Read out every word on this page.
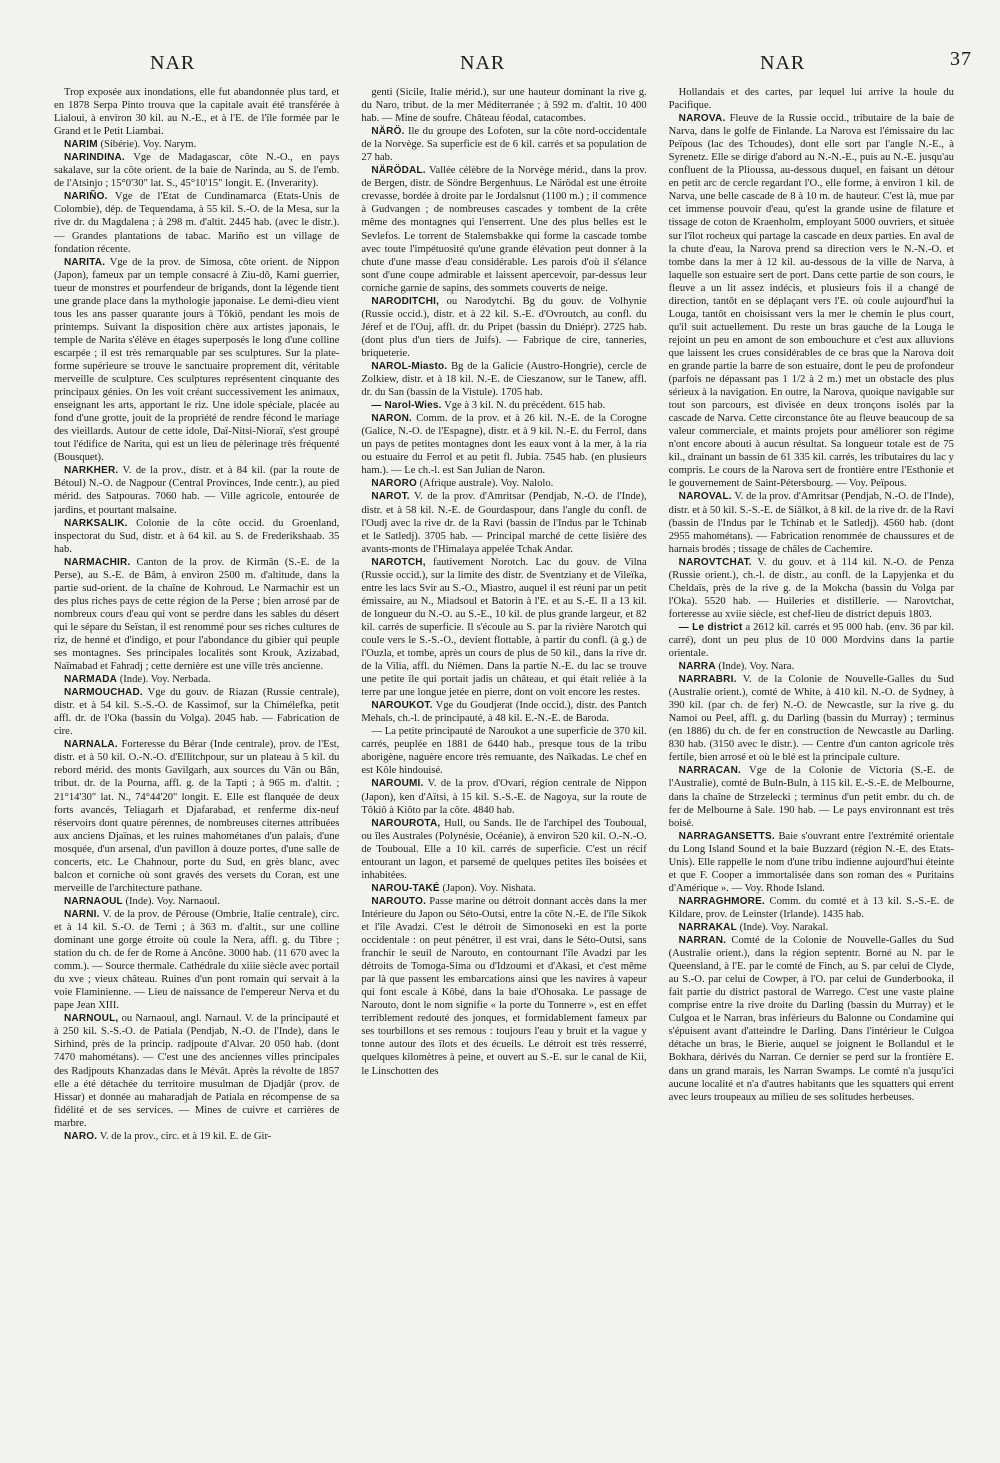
NAR	NAR	NAR	37

Trop exposée aux inondations, elle fut abandonnée plus tard, et en 1878 Serpa Pinto trouva que la capitale avait été transférée à Lialoui, à environ 30 kil. au N.-E., et à l'E. de l'île formée par le Grand et le Petit Liambai.

NARIM (Sibérie). Voy. Narym.

NARINDINA. Vge de Madagascar, côte N.-O., en pays sakalave, sur la côte orient. de la baie de Narinda, au S. de l'emb. de l'Atsinjo ; 15°0'30" lat. S., 45°10'15" longit. E. (Inverarity).

NARIÑO. Vge de l'Etat de Cundinamarca (Etats-Unis de Colombie), dép. de Tequendama, à 55 kil. S.-O. de la Mesa, sur la rive dr. du Magdalena ; à 298 m. d'altit. 2445 hab. (avec le distr.). — Grandes plantations de tabac. Mariño est un village de fondation récente.

NARITA. Vge de la prov. de Simosa, côte orient. de Nippon (Japon), fameux par un temple consacré à Ziu-dô, Kami guerrier, tueur de monstres et pourfendeur de brigands, dont la légende tient une grande place dans la mythologie japonaise. Le demi-dieu vient tous les ans passer quarante jours à Tôkiô, pendant les mois de printemps. Suivant la disposition chère aux artistes japonais, le temple de Narita s'élève en étages superposés le long d'une colline escarpée ; il est très remarquable par ses sculptures. Sur la plate-forme supérieure se trouve le sanctuaire proprement dit, véritable merveille de sculpture. Ces sculptures représentent cinquante des principaux génies. On les voit créant successivement les animaux, enseignant les arts, apportant le riz. Une idole spéciale, placée au fond d'une grotte, jouit de la propriété de rendre fécond le mariage des vieillards. Autour de cette idole, Daï-Nitsi-Nioraï, s'est groupé tout l'édifice de Narita, qui est un lieu de pèlerinage très fréquenté (Bousquet).

NARKHER. V. de la prov., distr. et à 84 kil. (par la route de Bétoul) N.-O. de Nagpour (Central Provinces, Inde centr.), au pied mérid. des Satpouras. 7060 hab. — Ville agricole, entourée de jardins, et pourtant malsaine.

NARKSALIK. Colonie de la côte occid. du Groenland, inspectorat du Sud, distr. et à 64 kil. au S. de Frederikshaab. 35 hab.

NARMACHIR. Canton de la prov. de Kirmân (S.-E. de la Perse), au S.-E. de Bâm, à environ 2500 m. d'altitude, dans la partie sud-orient. de la chaîne de Kohroud. Le Narmachir est un des plus riches pays de cette région de la Perse ; bien arrosé par de nombreux cours d'eau qui vont se perdre dans les sables du désert qui le sépare du Seïstan, il est renommé pour ses riches cultures de riz, de henné et d'indigo, et pour l'abondance du gibier qui peuple ses montagnes. Ses principales localités sont Krouk, Azizabad, Naïmabad et Fahradj ; cette dernière est une ville très ancienne.

NARMADA (Inde). Voy. Nerbada.

NARMOUCHAD. Vge du gouv. de Riazan (Russie centrale), distr. et à 54 kil. S.-S.-O. de Kassimof, sur la Chimélefka, petit affl. dr. de l'Oka (bassin du Volga). 2045 hab. — Fabrication de cire.

NARNALA. Forteresse du Bérar (Inde centrale), prov. de l'Est, distr. et à 50 kil. O.-N.-O. d'Ellitchpour, sur un plateau à 5 kil. du rebord mérid. des monts Gavilgarh, aux sources du Vân ou Bân, tribut. dr. de la Pourna, affl. g. de la Tapti ; à 965 m. d'altit. ; 21°14'30" lat. N., 74°44'20" longit. E. Elle est flanquée de deux forts avancés, Teliagarh et Djafarabad, et renferme dix-neuf réservoirs dont quatre pérennes, de nombreuses citernes attribuées aux anciens Djaïnas, et les ruines mahométanes d'un palais, d'une mosquée, d'un arsenal, d'un pavillon à douze portes, d'une salle de concerts, etc. Le Chahnour, porte du Sud, en grès blanc, avec balcon et corniche où sont gravés des versets du Coran, est une merveille de l'architecture pathane.

NARNAOUL (Inde). Voy. Narnaoul.

NARNI. V. de la prov. de Pérouse (Ombrie, Italie centrale), circ. et à 14 kil. S.-O. de Terni ; à 363 m. d'altit., sur une colline dominant une gorge étroite où coule la Nera, affl. g. du Tibre ; station du ch. de fer de Rome à Ancône. 3000 hab. (11 670 avec la comm.). — Source thermale. Cathédrale du xiiie siècle avec portail du xve ; vieux château. Ruines d'un pont romain qui servait à la voie Flaminienne. — Lieu de naissance de l'empereur Nerva et du pape Jean XIII.

NARNOUL, ou Narnaoul, angl. Narnaul. V. de la principauté et à 250 kil. S.-S.-O. de Patiala (Pendjab, N.-O. de l'Inde), dans le Sirhind, près de la princip. radjpoute d'Alvar. 20 050 hab. (dont 7470 mahométans). — C'est une des anciennes villes principales des Radjpouts Khanzadas dans le Mévât. Après la révolte de 1857 elle a été détachée du territoire musulman de Djadjâr (prov. de Hissar) et donnée au maharadjah de Patiala en récompense de sa fidélité et de ses services. — Mines de cuivre et carrières de marbre.

NARO. V. de la prov., circ. et à 19 kil. E. de Gir-

genti (Sicile, Italie mérid.), sur une hauteur dominant la rive g. du Naro, tribut. de la mer Méditerranée ; à 592 m. d'altit. 10 400 hab. — Mine de soufre. Château féodal, catacombes.

NÄRÖ. Ile du groupe des Lofoten, sur la côte nord-occidentale de la Norvège. Sa superficie est de 6 kil. carrés et sa population de 27 hab.

NÄRÖDAL. Vallée célèbre de la Norvège mérid., dans la prov. de Bergen, distr. de Söndre Bergenhuus. Le Närödal est une étroite crevasse, bordée à droite par le Jordalsnut (1100 m.) ; il commence à Gudvangen ; de nombreuses cascades y tombent de la crête même des montagnes qui l'enserrent. Une des plus belles est le Sevlefos. Le torrent de Stalemsbakke qui forme la cascade tombe avec toute l'impétuosité qu'une grande élévation peut donner à la chute d'une masse d'eau considérable. Les parois d'où il s'élance sont d'une coupe admirable et laissent apercevoir, par-dessus leur corniche garnie de sapins, des sommets couverts de neige.

NARODITCHI, ou Narodytchi. Bg du gouv. de Volhynie (Russie occid.), distr. et à 22 kil. S.-E. d'Ovroutch, au confl. du Jéref et de l'Ouj, affl. dr. du Pripet (bassin du Dniépr). 2725 hab. (dont plus d'un tiers de Juifs). — Fabrique de cire, tanneries, briqueterie.

NAROL-Miasto. Bg de la Galicie (Austro-Hongrie), cercle de Zolkiew, distr. et à 18 kil. N.-E. de Cieszanow, sur le Tanew, affl. dr. du San (bassin de la Vistule). 1705 hab.

— Narol-Wies. Vge à 3 kil. N. du précédent. 615 hab.

NARON. Comm. de la prov. et à 26 kil. N.-E. de la Corogne (Galice, N.-O. de l'Espagne), distr. et à 9 kil. N.-E. du Ferrol, dans un pays de petites montagnes dont les eaux vont à la mer, à la ria ou estuaire du Ferrol et au petit fl. Jubia. 7545 hab. (en plusieurs ham.). — Le ch.-l. est San Julian de Naron.

NARORO (Afrique australe). Voy. Nalolo.

NAROT. V. de la prov. d'Amritsar (Pendjab, N.-O. de l'Inde), distr. et à 58 kil. N.-E. de Gourdaspour, dans l'angle du confl. de l'Oudj avec la rive dr. de la Ravi (bassin de l'Indus par le Tchinab et le Satledj). 3705 hab. — Principal marché de cette lisière des avants-monts de l'Himalaya appelée Tchak Andar.

NAROTCH, fautivement Norotch. Lac du gouv. de Vilna (Russie occid.), sur la limite des distr. de Sventziany et de Vileïka, entre les lacs Svir au S.-O., Miastro, auquel il est réuni par un petit émissaire, au N., Miadsoul et Batorin à l'E. et au S.-E. Il a 13 kil. de longueur du N.-O. au S.-E., 10 kil. de plus grande largeur, et 82 kil. carrés de superficie. Il s'écoule au S. par la rivière Narotch qui coule vers le S.-S.-O., devient flottable, à partir du confl. (à g.) de l'Ouzla, et tombe, après un cours de plus de 50 kil., dans la rive dr. de la Vilia, affl. du Niémen. Dans la partie N.-E. du lac se trouve une petite île qui portait jadis un château, et qui était reliée à la terre par une longue jetée en pierre, dont on voit encore les restes.

NAROUKOT. Vge du Goudjerat (Inde occid.), distr. des Pantch Mehals, ch.-l. de principauté, à 48 kil. E.-N.-E. de Baroda.

— La petite principauté de Naroukot a une superficie de 370 kil. carrés, peuplée en 1881 de 6440 hab., presque tous de la tribu aborigène, naguère encore très remuante, des Naïkadas. Le chef en est Kôle hindouisé.

NAROUMI. V. de la prov. d'Ovari, région centrale de Nippon (Japon), ken d'Aïtsi, à 15 kil. S.-S.-E. de Nagoya, sur la route de Tôkiô à Kiôto par la côte. 4840 hab.

NAROUROTA, Hull, ou Sands. Ile de l'archipel des Touboual, ou îles Australes (Polynésie, Océanie), à environ 520 kil. O.-N.-O. de Touboual. Elle a 10 kil. carrés de superficie. C'est un récif entourant un lagon, et parsemé de quelques petites îles boisées et inhabitées.

NAROU-TAKÉ (Japon). Voy. Nishata.

NAROUTO. Passe marine ou détroit donnant accès dans la mer Intérieure du Japon ou Séto-Outsi, entre la côte N.-E. de l'île Sikok et l'île Avadzi. C'est le détroit de Simonoseki en est la porte occidentale : on peut pénétrer, il est vrai, dans le Séto-Outsi, sans franchir le seuil de Narouto, en contournant l'île Avadzi par les détroits de Tomoga-Sima ou d'Idzoumi et d'Akasi, et c'est même par là que passent les embarcations ainsi que les navires à vapeur qui font escale à Kôbé, dans la baie d'Ohosaka. Le passage de Narouto, dont le nom signifie « la porte du Tonnerre », est en effet terriblement redouté des jonques, et formidablement fameux par ses tourbillons et ses remous : toujours l'eau y bruit et la vague y tonne autour des îlots et des écueils. Le détroit est très resserré, quelques kilomètres à peine, et ouvert au S.-E. sur le canal de Kii, le Linschotten des

Hollandais et des cartes, par lequel lui arrive la houle du Pacifique.

NAROVA. Fleuve de la Russie occid., tributaire de la baie de Narva, dans le golfe de Finlande. La Narova est l'émissaire du lac Peïpous (lac des Tchoudes), dont elle sort par l'angle N.-E., à Syrenetz. Elle se dirige d'abord au N.-N.-E., puis au N.-E. jusqu'au confluent de la Plioussa, au-dessous duquel, en faisant un détour en petit arc de cercle regardant l'O., elle forme, à environ 1 kil. de Narva, une belle cascade de 8 à 10 m. de hauteur. C'est là, mue par cet immense pouvoir d'eau, qu'est la grande usine de filature et tissage de coton de Kraenholm, employant 5000 ouvriers, et située sur l'îlot rocheux qui partage la cascade en deux parties. En aval de la chute d'eau, la Narova prend sa direction vers le N.-N.-O. et tombe dans la mer à 12 kil. au-dessous de la ville de Narva, à laquelle son estuaire sert de port. Dans cette partie de son cours, le fleuve a un lit assez indécis, et plusieurs fois il a changé de direction, tantôt en se déplaçant vers l'E. où coule aujourd'hui la Louga, tantôt en choisissant vers la mer le chemin le plus court, qu'il suit actuellement. Du reste un bras gauche de la Louga le rejoint un peu en amont de son embouchure et c'est aux alluvions que laissent les crues considérables de ce bras que la Narova doit en grande partie la barre de son estuaire, dont le peu de profondeur (parfois ne dépassant pas 1 1/2 à 2 m.) met un obstacle des plus sérieux à la navigation. En outre, la Narova, quoique navigable sur tout son parcours, est divisée en deux tronçons isolés par la cascade de Narva. Cette circonstance ôte au fleuve beaucoup de sa valeur commerciale, et maints projets pour améliorer son régime n'ont encore abouti à aucun résultat. Sa longueur totale est de 75 kil., drainant un bassin de 61 335 kil. carrés, les tributaires du lac y compris. Le cours de la Narova sert de frontière entre l'Esthonie et le gouvernement de Saint-Pétersbourg. — Voy. Peïpous.

NAROVAL. V. de la prov. d'Amritsar (Pendjab, N.-O. de l'Inde), distr. et à 50 kil. S.-S.-E. de Siâlkot, à 8 kil. de la rive dr. de la Ravi (bassin de l'Indus par le Tchinab et le Satledj). 4560 hab. (dont 2955 mahométans). — Fabrication renommée de chaussures et de harnais brodés ; tissage de châles de Cachemire.

NAROVTCHAT. V. du gouv. et à 114 kil. N.-O. de Penza (Russie orient.), ch.-l. de distr., au confl. de la Lapyjenka et du Cheldaïs, près de la rive g. de la Mokcha (bassin du Volga par l'Oka). 5520 hab. — Huileries et distillerie. — Narovtchat, forteresse au xviie siècle, est chef-lieu de district depuis 1803.

— Le district a 2612 kil. carrés et 95 000 hab. (env. 36 par kil. carré), dont un peu plus de 10 000 Mordvins dans la partie orientale.

NARRA (Inde). Voy. Nara.

NARRABRI. V. de la Colonie de Nouvelle-Galles du Sud (Australie orient.), comté de White, à 410 kil. N.-O. de Sydney, à 390 kil. (par ch. de fer) N.-O. de Newcastle, sur la rive g. du Namoi ou Peel, affl. g. du Darling (bassin du Murray) ; terminus (en 1886) du ch. de fer en construction de Newcastle au Darling. 830 hab. (3150 avec le distr.). — Centre d'un canton agricole très fertile, bien arrosé et où le blé est la principale culture.

NARRACAN. Vge de la Colonie de Victoria (S.-E. de l'Australie), comté de Buln-Buln, à 115 kil. E.-S.-E. de Melbourne, dans la chaîne de Strzelecki ; terminus d'un petit embr. du ch. de fer de Melbourne à Sale. 190 hab. — Le pays environnant est très boisé.

NARRAGANSETTS. Baie s'ouvrant entre l'extrémité orientale du Long Island Sound et la baie Buzzard (région N.-E. des Etats-Unis). Elle rappelle le nom d'une tribu indienne aujourd'hui éteinte et que F. Cooper a immortalisée dans son roman des « Puritains d'Amérique ». — Voy. Rhode Island.

NARRAGHMORE. Comm. du comté et à 13 kil. S.-S.-E. de Kildare, prov. de Leinster (Irlande). 1435 hab.

NARRAKAL (Inde). Voy. Narakal.

NARRAN. Comté de la Colonie de Nouvelle-Galles du Sud (Australie orient.), dans la région septentr. Borné au N. par le Queensland, à l'E. par le comté de Finch, au S. par celui de Clyde, au S.-O. par celui de Cowper, à l'O. par celui de Gunderbooka, il fait partie du district pastoral de Warrego. C'est une vaste plaine comprise entre la rive droite du Darling (bassin du Murray) et le Culgoa et le Narran, bras inférieurs du Balonne ou Condamine qui s'épuisent avant d'atteindre le Darling. Dans l'intérieur le Culgoa détache un bras, le Bierie, auquel se joignent le Bollandul et le Bokhara, dérivés du Narran. Ce dernier se perd sur la frontière E. dans un grand marais, les Narran Swamps. Le comté n'a jusqu'ici aucune localité et n'a d'autres habitants que les squatters qui errent avec leurs troupeaux au milieu de ses solitudes herbeuses.
